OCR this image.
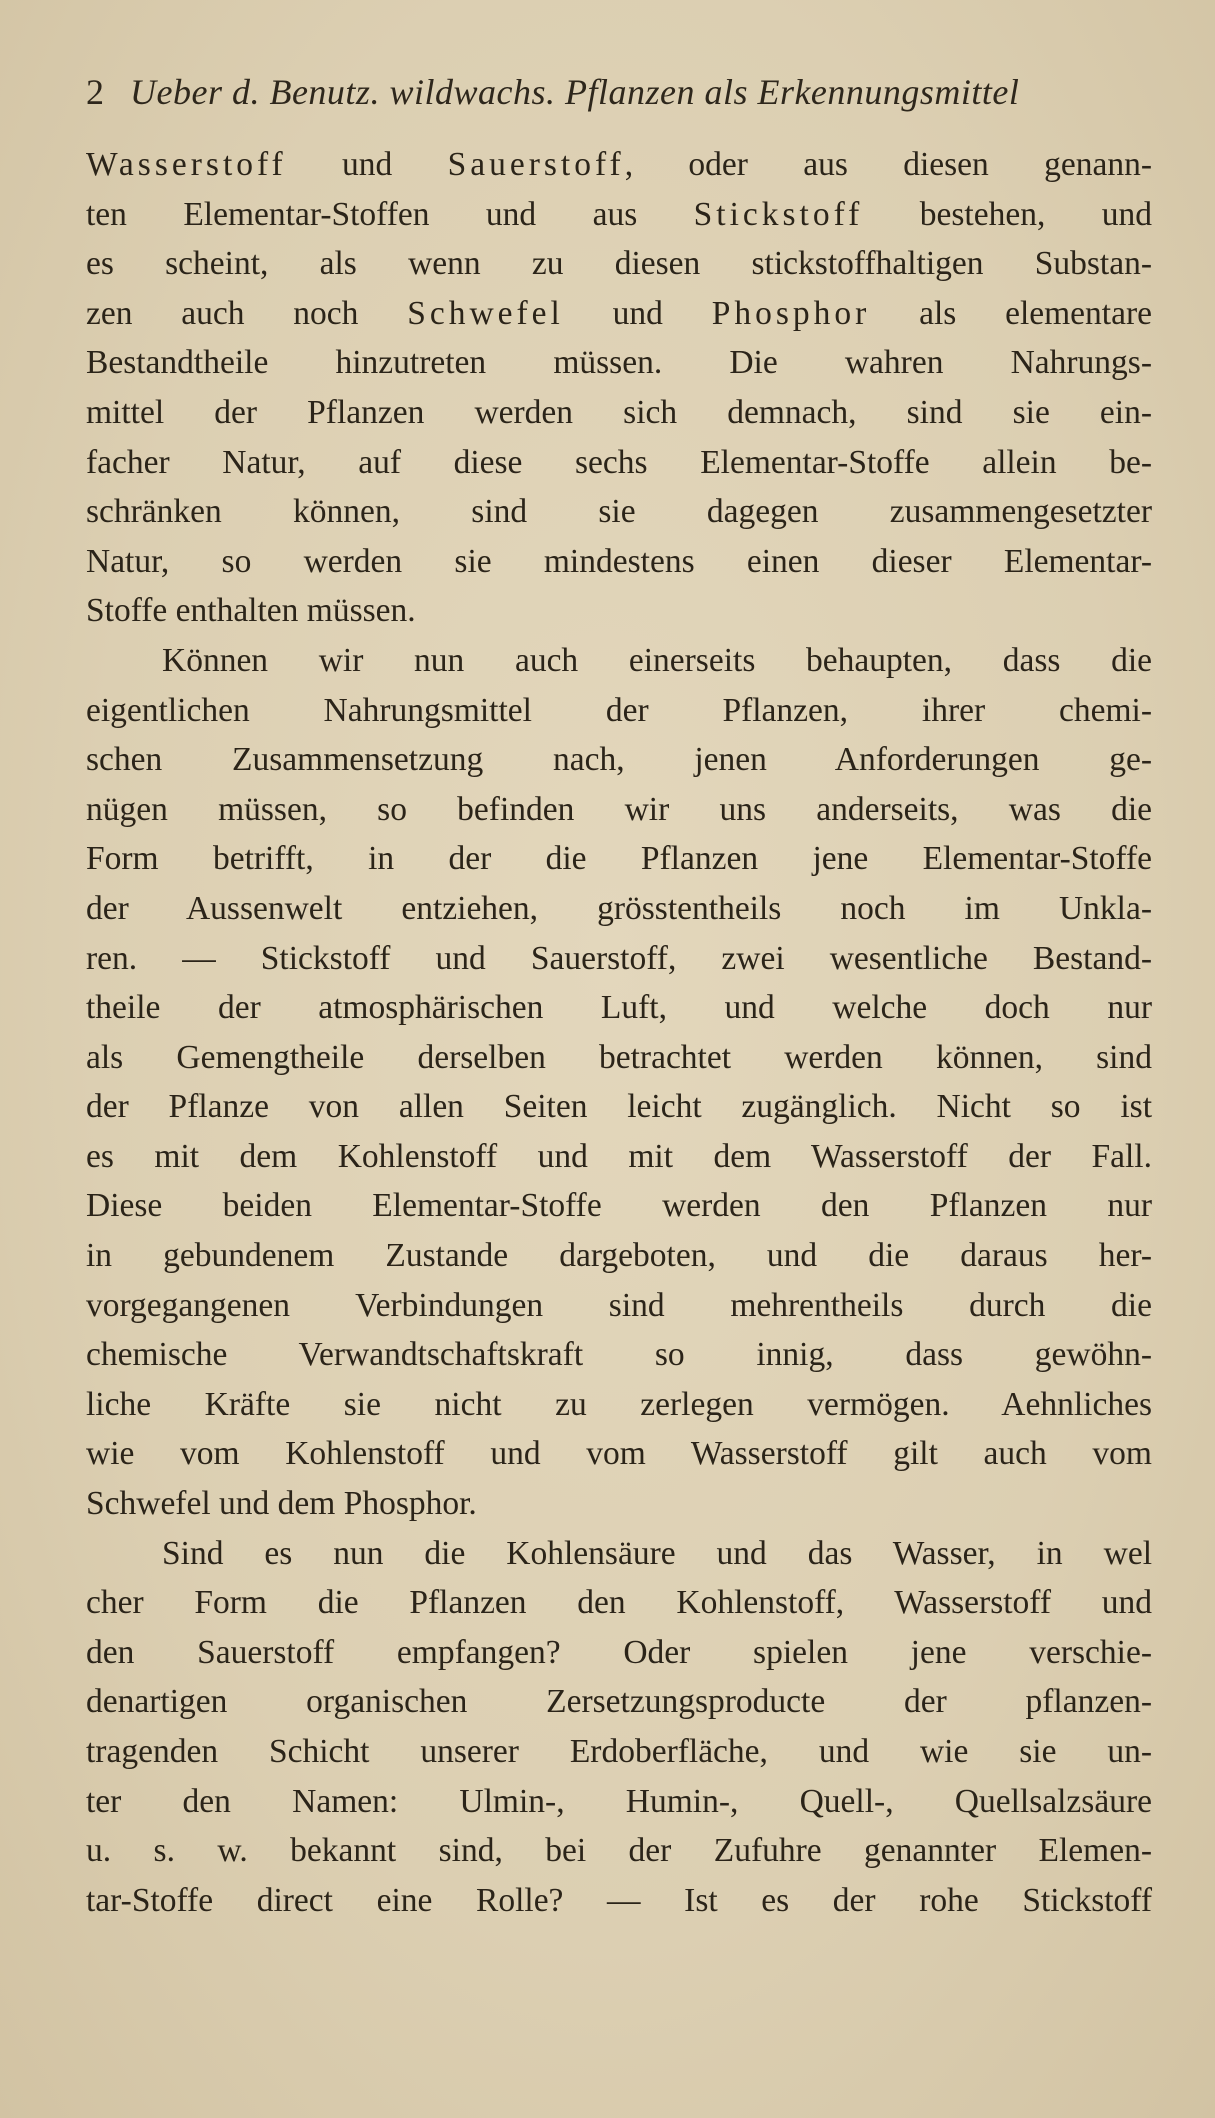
2 Ueber d. Benutz. wildwachs. Pflanzen als Erkennungsmittel
Wasserstoff und Sauerstoff, oder aus diesen genann-
ten Elementar-Stoffen und aus Stickstoff bestehen, und
es scheint, als wenn zu diesen stickstoffhaltigen Substan-
zen auch noch Schwefel und Phosphor als elementare
Bestandtheile hinzutreten müssen. Die wahren Nahrungs-
mittel der Pflanzen werden sich demnach, sind sie ein-
facher Natur, auf diese sechs Elementar-Stoffe allein be-
schränken können, sind sie dagegen zusammengesetzter
Natur, so werden sie mindestens einen dieser Elementar-
Stoffe enthalten müssen.
Können wir nun auch einerseits behaupten, dass die
eigentlichen Nahrungsmittel der Pflanzen, ihrer chemi-
schen Zusammensetzung nach, jenen Anforderungen ge-
nügen müssen, so befinden wir uns anderseits, was die
Form betrifft, in der die Pflanzen jene Elementar-Stoffe
der Aussenwelt entziehen, grösstentheils noch im Unkla-
ren. — Stickstoff und Sauerstoff, zwei wesentliche Bestand-
theile der atmosphärischen Luft, und welche doch nur
als Gemengtheile derselben betrachtet werden können, sind
der Pflanze von allen Seiten leicht zugänglich. Nicht so ist
es mit dem Kohlenstoff und mit dem Wasserstoff der Fall.
Diese beiden Elementar-Stoffe werden den Pflanzen nur
in gebundenem Zustande dargeboten, und die daraus her-
vorgegangenen Verbindungen sind mehrentheils durch die
chemische Verwandtschaftskraft so innig, dass gewöhn-
liche Kräfte sie nicht zu zerlegen vermögen. Aehnliches
wie vom Kohlenstoff und vom Wasserstoff gilt auch vom
Schwefel und dem Phosphor.
Sind es nun die Kohlensäure und das Wasser, in wel
cher Form die Pflanzen den Kohlenstoff, Wasserstoff und
den Sauerstoff empfangen? Oder spielen jene verschie-
denartigen organischen Zersetzungsproducte der pflanzen-
tragenden Schicht unserer Erdoberfläche, und wie sie un-
ter den Namen: Ulmin-, Humin-, Quell-, Quellsalzsäure
u. s. w. bekannt sind, bei der Zufuhre genannter Elemen-
tar-Stoffe direct eine Rolle? — Ist es der rohe Stickstoff
